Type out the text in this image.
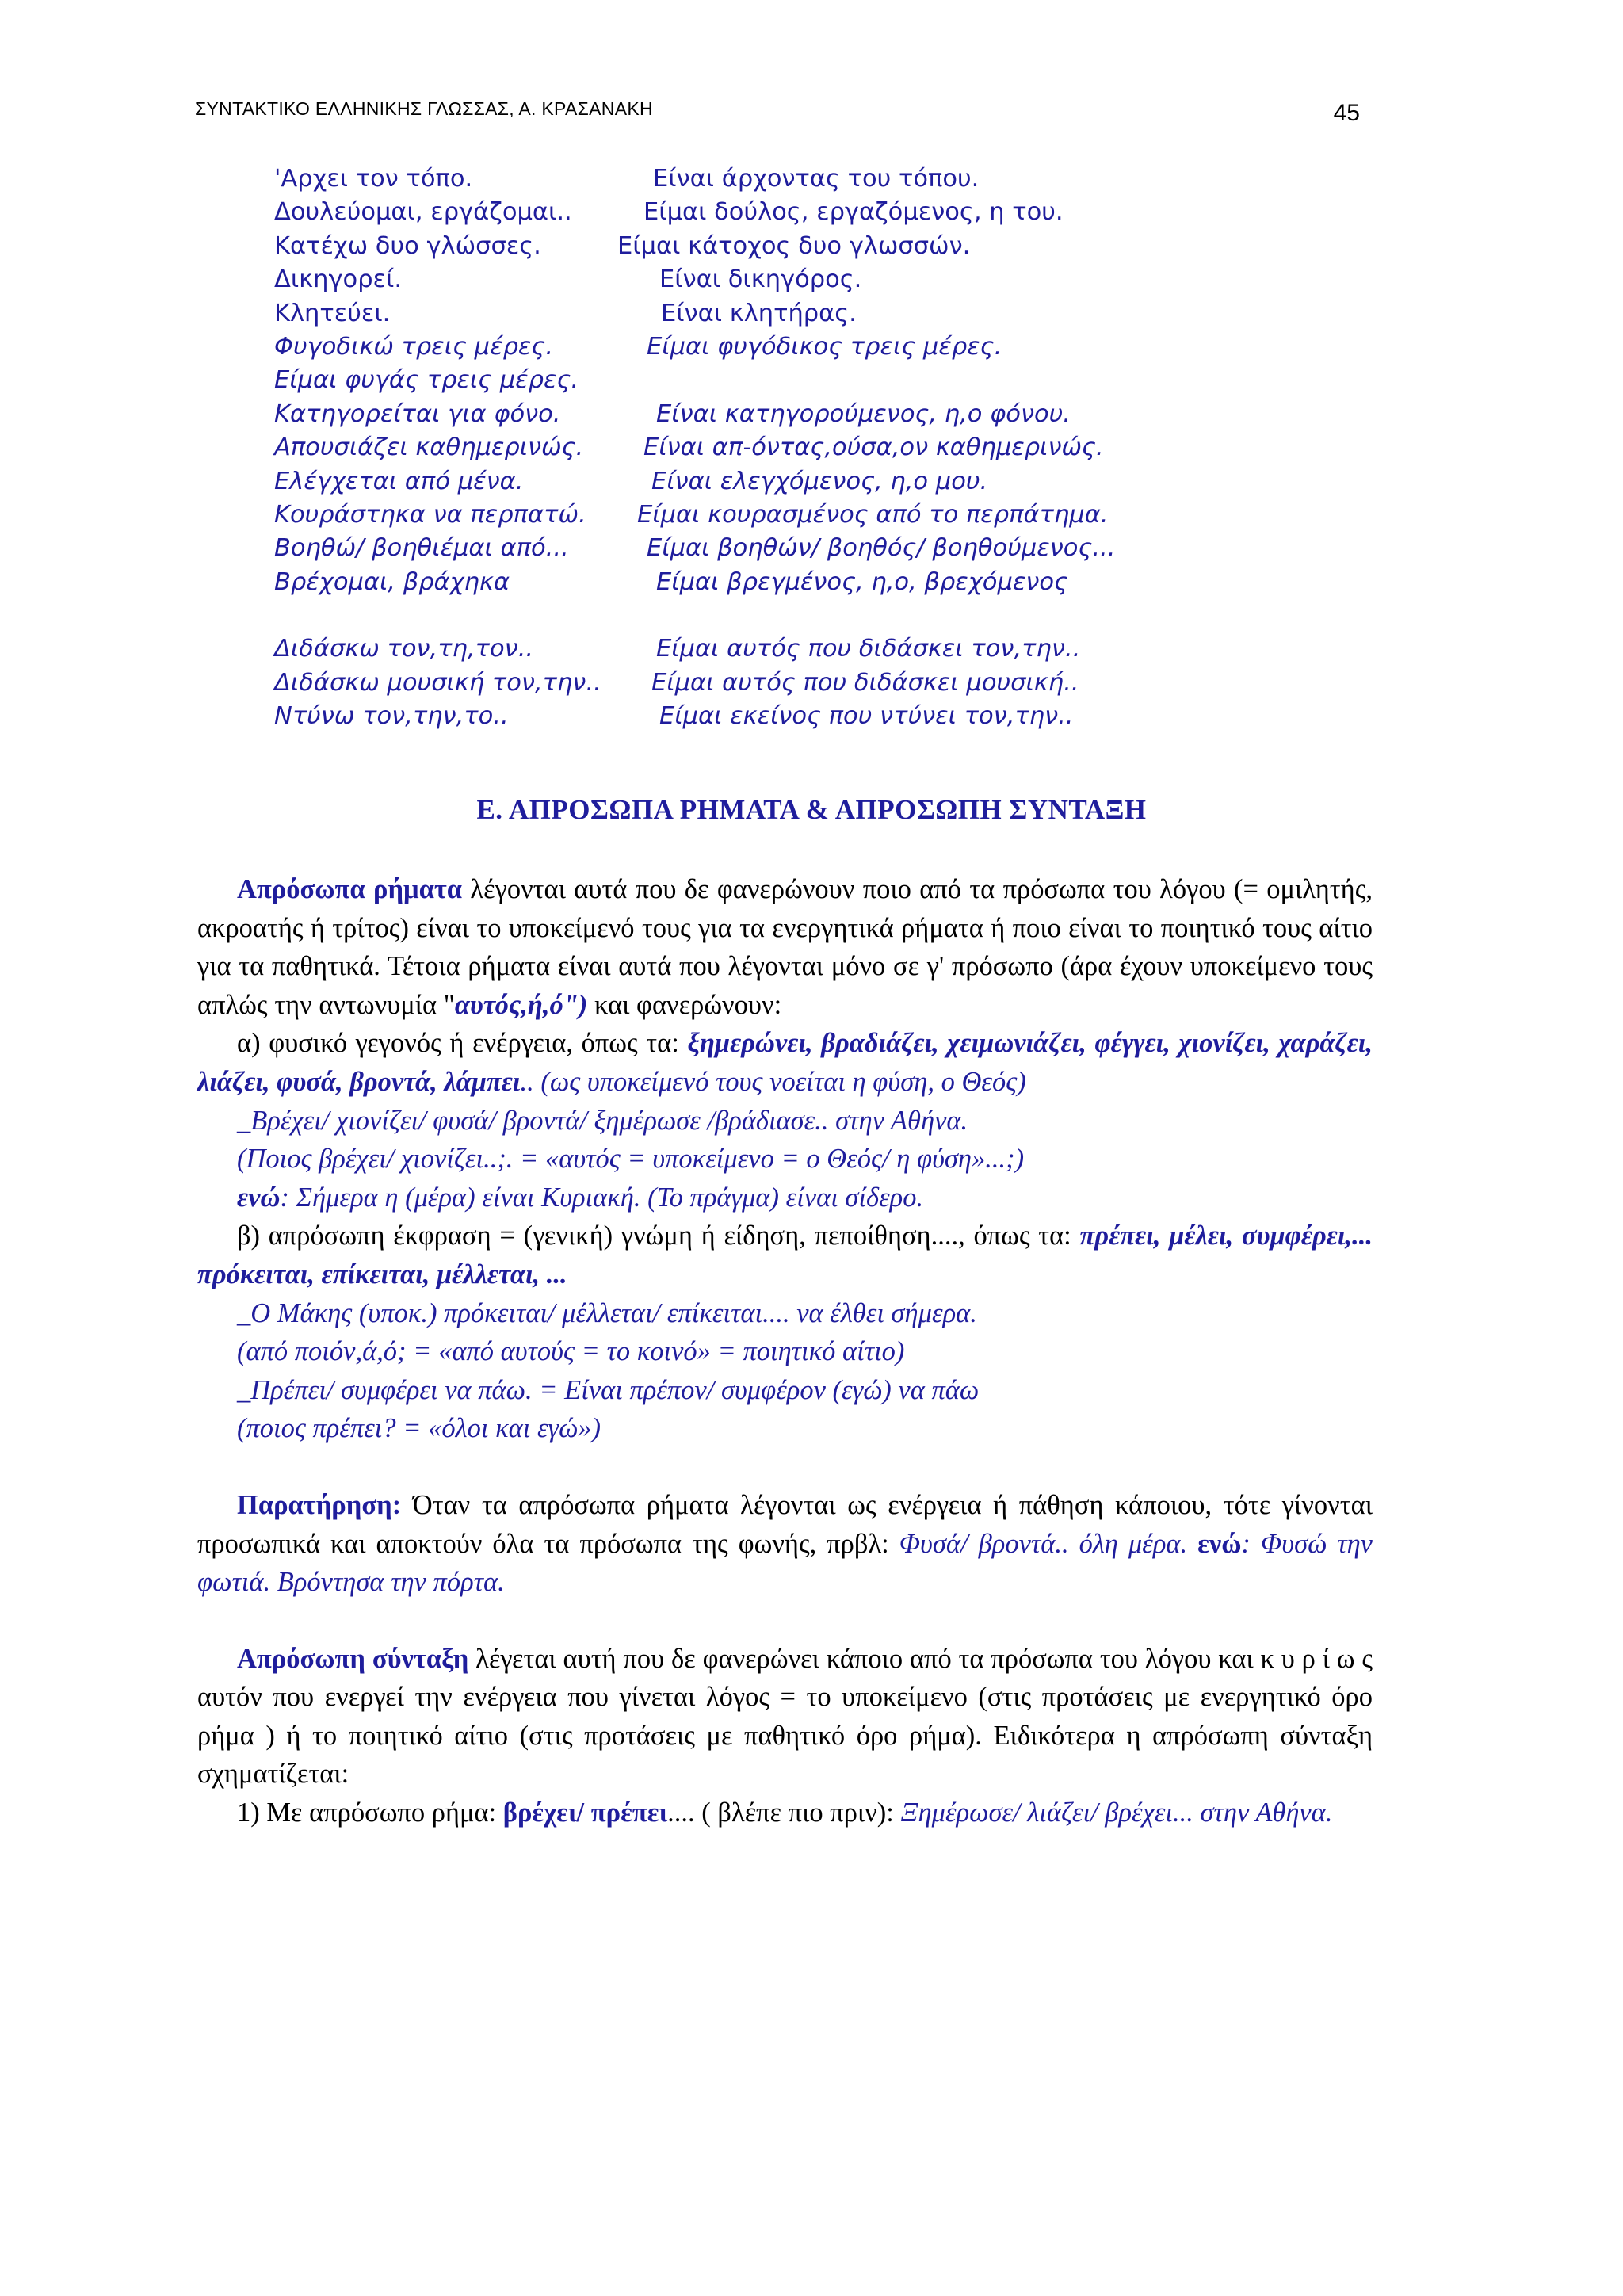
ΣΥΝΤΑΚΤΙΚΟ ΕΛΛΗΝΙΚΗΣ ΓΛΩΣΣΑΣ, Α. ΚΡΑΣΑΝΑΚΗ	45
'Αρχει τον τόπο.	Είναι άρχοντας του τόπου.
Δουλεύομαι, εργάζομαι..	Είμαι δούλος, εργαζόμενος, η του.
Κατέχω δυο γλώσσες.	Είμαι κάτοχος δυο γλωσσών.
Δικηγορεί.	Είναι δικηγόρος.
Κλητεύει.	Είναι κλητήρας.
Φυγοδικώ τρεις μέρες.	Είμαι φυγόδικος τρεις μέρες.
Είμαι φυγάς τρεις μέρες.
Κατηγορείται για φόνο.	Είναι κατηγορούμενος, η,ο φόνου.
Απουσιάζει καθημερινώς. Είναι απ-όντας,ούσα,ον καθημερινώς.
Ελέγχεται από μένα.	Είναι ελεγχόμενος, η,ο μου.
Κουράστηκα να περπατώ. Είμαι κουρασμένος από το περπάτημα.
Βοηθώ/ βοηθιέμαι από...	Είμαι βοηθών/ βοηθός/ βοηθούμενος...
Βρέχομαι, βράχηκα	Είμαι βρεγμένος, η,ο, βρεχόμενος
Διδάσκω τον,τη,τον..	Είμαι αυτός που διδάσκει τον,την..
Διδάσκω μουσική τον,την.. Είμαι αυτός που διδάσκει μουσική..
Ντύνω τον,την,το..	Είμαι εκείνος που ντύνει τον,την..
Ε. ΑΠΡΟΣΩΠΑ ΡΗΜΑΤΑ & ΑΠΡΟΣΩΠΗ ΣΥΝΤΑΞΗ

Απρόσωπα ρήματα λέγονται αυτά που δε φανερώνουν ποιο από τα πρόσωπα του λόγου (= ομιλητής, ακροατής ή τρίτος) είναι το υποκείμενό τους για τα ενεργητικά ρήματα ή ποιο είναι το ποιητικό τους αίτιο για τα παθητικά. Τέτοια ρήματα είναι αυτά που λέγονται μόνο σε γ' πρόσωπο (άρα έχουν υποκείμενο τους απλώς την αντωνυμία "αυτός,ή,ό") και φανερώνουν:

α) φυσικό γεγονός ή ενέργεια, όπως τα: ξημερώνει, βραδιάζει, χειμωνιάζει, φέγγει, χιονίζει, χαράζει, λιάζει, φυσά, βροντά, λάμπει.. (ως υποκείμενό τους νοείται η φύση, ο Θεός)

_Βρέχει/ χιονίζει/ φυσά/ βροντά/ ξημέρωσε /βράδιασε.. στην Αθήνα.

(Ποιος βρέχει/ χιονίζει..;. = «αυτός = υποκείμενο = ο Θεός/ η φύση»...;)

ενώ: Σήμερα η (μέρα) είναι Κυριακή. (Το πράγμα) είναι σίδερο.

β) απρόσωπη έκφραση = (γενική) γνώμη ή είδηση, πεποίθηση...., όπως τα: πρέπει, μέλει, συμφέρει,... πρόκειται, επίκειται, μέλλεται, ...

_Ο Μάκης (υποκ.) πρόκειται/ μέλλεται/ επίκειται.... να έλθει σήμερα.

(από ποιόν,ά,ό; = «από αυτούς = το κοινό» = ποιητικό αίτιο)

_Πρέπει/ συμφέρει να πάω. = Είναι πρέπον/ συμφέρον (εγώ) να πάω

(ποιος πρέπει? = «όλοι και εγώ»)

Παρατήρηση: Όταν τα απρόσωπα ρήματα λέγονται ως ενέργεια ή πάθηση κάποιου, τότε γίνονται προσωπικά και αποκτούν όλα τα πρόσωπα της φωνής, πρβλ: Φυσά/ βροντά.. όλη μέρα. ενώ: Φυσώ την φωτιά. Βρόντησα την πόρτα.

Απρόσωπη σύνταξη λέγεται αυτή που δε φανερώνει κάποιο από τα πρόσωπα του λόγου και κ υ ρ ί ω ς αυτόν που ενεργεί την ενέργεια που γίνεται λόγος = το υποκείμενο (στις προτάσεις με ενεργητικό όρο ρήμα ) ή το ποιητικό αίτιο (στις προτάσεις με παθητικό όρο ρήμα). Ειδικότερα η απρόσωπη σύνταξη σχηματίζεται:

1) Με απρόσωπο ρήμα: βρέχει/ πρέπει.... ( βλέπε πιο πριν): Ξημέρωσε/ λιάζει/ βρέχει... στην Αθήνα.
